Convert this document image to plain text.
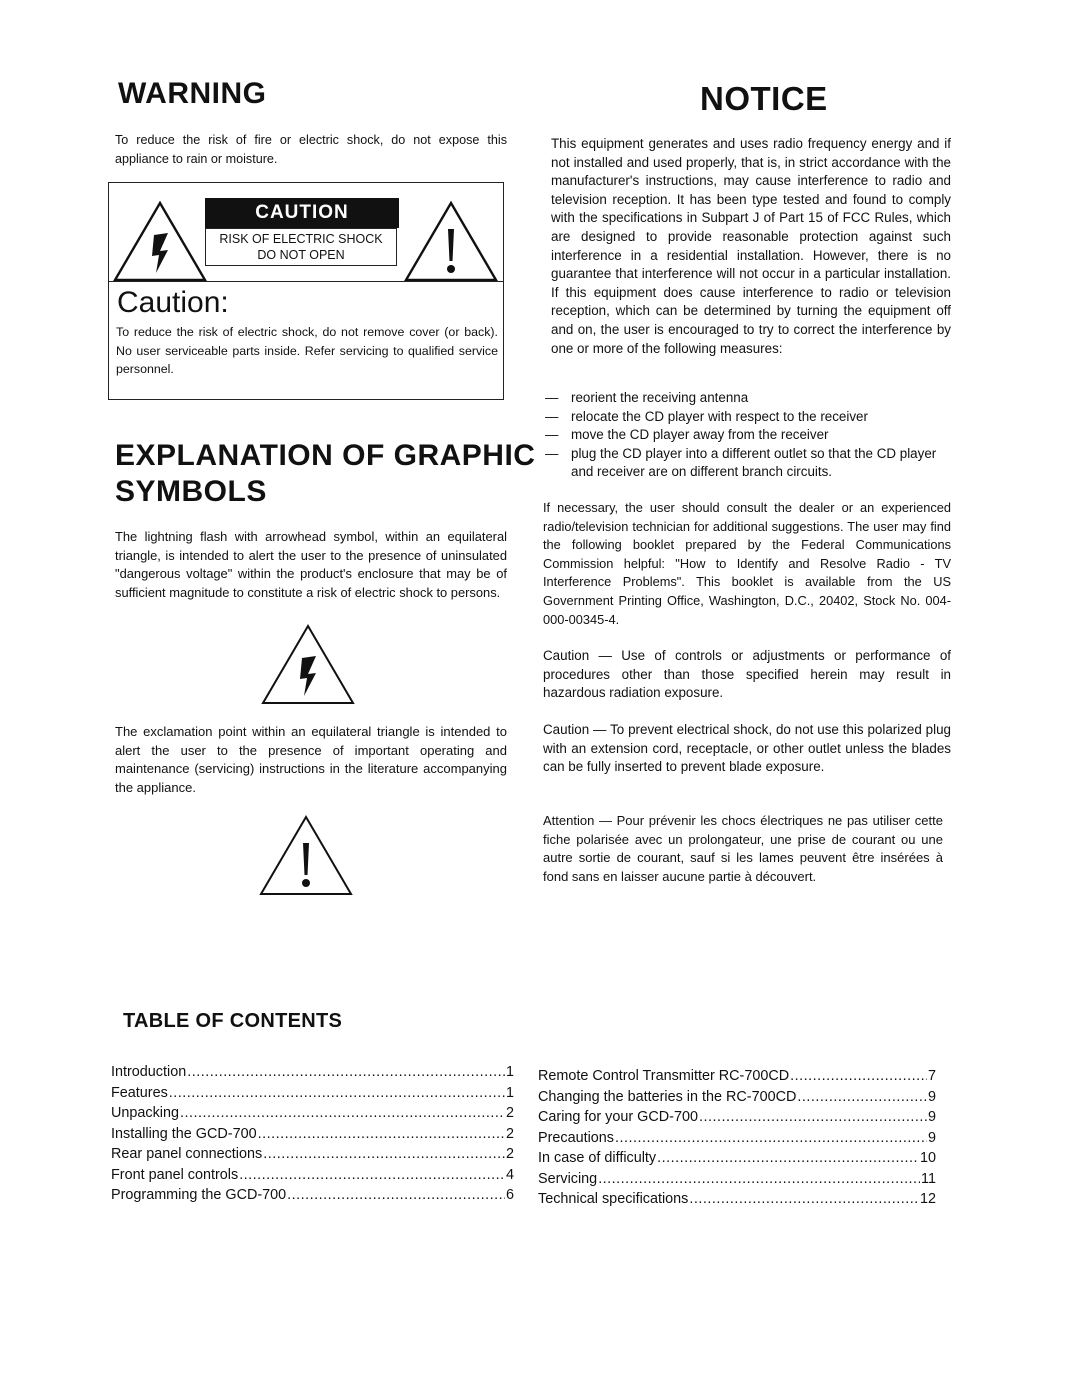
WARNING
To reduce the risk of fire or electric shock, do not expose this appliance to rain or moisture.
CAUTION
RISK OF ELECTRIC SHOCK
DO NOT OPEN
Caution:
To reduce the risk of electric shock, do not remove cover (or back). No user serviceable parts inside. Refer servicing to qualified service personnel.
EXPLANATION OF GRAPHIC
SYMBOLS
The lightning flash with arrowhead symbol, within an equilateral triangle, is intended to alert the user to the presence of uninsulated "dangerous voltage" within the product's enclosure that may be of sufficient magnitude to constitute a risk of electric shock to persons.
The exclamation point within an equilateral triangle is intended to alert the user to the presence of important operating and maintenance (servicing) instructions in the literature accompanying the appliance.
NOTICE
This equipment generates and uses radio frequency energy and if not installed and used properly, that is, in strict accordance with the manufacturer's instructions, may cause interference to radio and television reception. It has been type tested and found to comply with the specifications in Subpart J of Part 15 of FCC Rules, which are designed to provide reasonable protection against such interference in a residential installation. However, there is no guarantee that interference will not occur in a particular installation. If this equipment does cause interference to radio or television reception, which can be determined by turning the equipment off and on, the user is encouraged to try to correct the interference by one or more of the following measures:
— reorient the receiving antenna
— relocate the CD player with respect to the receiver
— move the CD player away from the receiver
— plug the CD player into a different outlet so that the CD player and receiver are on different branch circuits.
If necessary, the user should consult the dealer or an experienced radio/television technician for additional suggestions. The user may find the following booklet prepared by the Federal Communications Commission helpful: "How to Identify and Resolve Radio - TV Interference Problems". This booklet is available from the US Government Printing Office, Washington, D.C., 20402, Stock No. 004-000-00345-4.
Caution — Use of controls or adjustments or performance of procedures other than those specified herein may result in hazardous radiation exposure.
Caution — To prevent electrical shock, do not use this polarized plug with an extension cord, receptacle, or other outlet unless the blades can be fully inserted to prevent blade exposure.
Attention — Pour prévenir les chocs électriques ne pas utiliser cette fiche polarisée avec un prolongateur, une prise de courant ou une autre sortie de courant, sauf si les lames peuvent être insérées à fond sans en laisser aucune partie à découvert.
TABLE OF CONTENTS
Introduction .....	1
Features .....	1
Unpacking .....	2
Installing the GCD-700 .....	2
Rear panel connections .....	2
Front panel controls .....	4
Programming the GCD-700 .....	6
Remote Control Transmitter RC-700CD .....	7
Changing the batteries in the RC-700CD .....	9
Caring for your GCD-700 .....	9
Precautions .....	9
In case of difficulty .....	10
Servicing .....	11
Technical specifications .....	12
